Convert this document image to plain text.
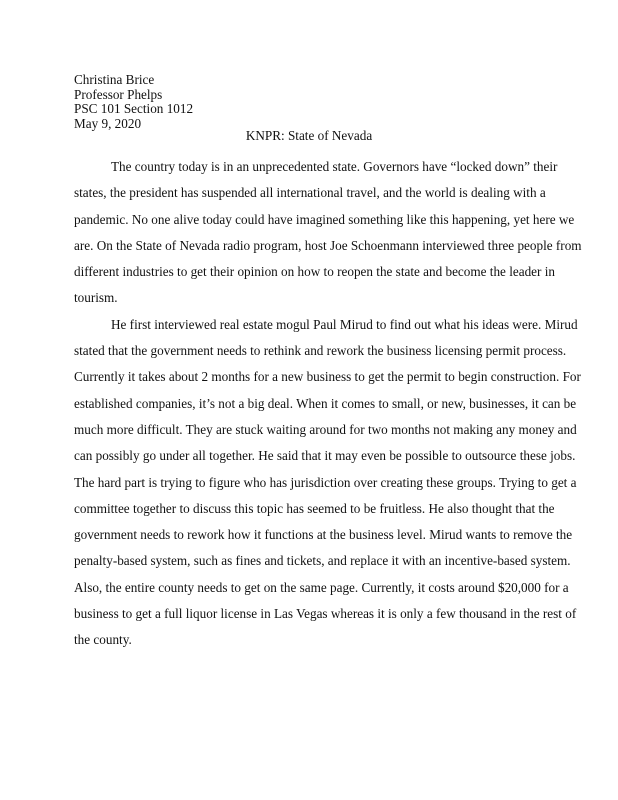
Christina Brice
Professor Phelps
PSC 101 Section 1012
May 9, 2020
KNPR: State of Nevada
The country today is in an unprecedented state. Governors have “locked down” their
states, the president has suspended all international travel, and the world is dealing with a
pandemic. No one alive today could have imagined something like this happening, yet here we
are. On the State of Nevada radio program, host Joe Schoenmann interviewed three people from
different industries to get their opinion on how to reopen the state and become the leader in
tourism.
He first interviewed real estate mogul Paul Mirud to find out what his ideas were. Mirud
stated that the government needs to rethink and rework the business licensing permit process.
Currently it takes about 2 months for a new business to get the permit to begin construction. For
established companies, it’s not a big deal. When it comes to small, or new, businesses, it can be
much more difficult. They are stuck waiting around for two months not making any money and
can possibly go under all together. He said that it may even be possible to outsource these jobs.
The hard part is trying to figure who has jurisdiction over creating these groups. Trying to get a
committee together to discuss this topic has seemed to be fruitless. He also thought that the
government needs to rework how it functions at the business level. Mirud wants to remove the
penalty-based system, such as fines and tickets, and replace it with an incentive-based system.
Also, the entire county needs to get on the same page. Currently, it costs around $20,000 for a
business to get a full liquor license in Las Vegas whereas it is only a few thousand in the rest of
the county.
